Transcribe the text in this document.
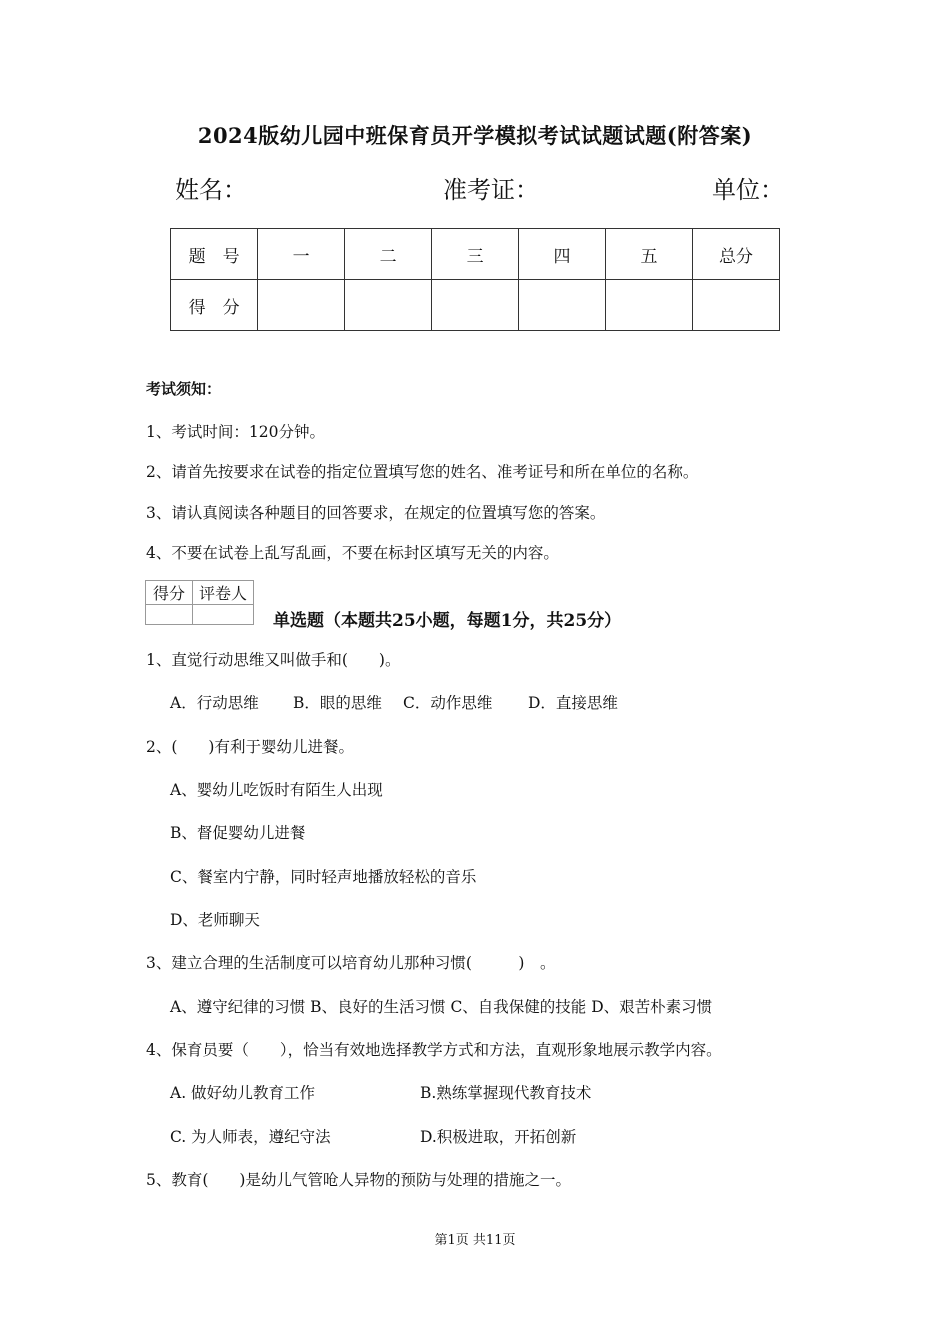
2024版幼儿园中班保育员开学模拟考试试题试题(附答案)
姓名：	准考证：	单位：
题　号	一	二	三	四	五	总分
得　分						
考试须知：
1、考试时间：120分钟。
2、请首先按要求在试卷的指定位置填写您的姓名、准考证号和所在单位的名称。
3、请认真阅读各种题目的回答要求，在规定的位置填写您的答案。
4、不要在试卷上乱写乱画，不要在标封区填写无关的内容。
得分	评卷人

单选题（本题共25小题，每题1分，共25分）
1、直觉行动思维又叫做手和(　　)。
A．行动思维 B．眼的思维 C．动作思维 D．直接思维
2、(　　)有利于婴幼儿进餐。
A、婴幼儿吃饭时有陌生人出现
B、督促婴幼儿进餐
C、餐室内宁静，同时轻声地播放轻松的音乐
D、老师聊天
3、建立合理的生活制度可以培育幼儿那种习惯(　　　)　。
A、遵守纪律的习惯 B、良好的生活习惯 C、自我保健的技能 D、艰苦朴素习惯
4、保育员要（　　），恰当有效地选择教学方式和方法，直观形象地展示教学内容。
A. 做好幼儿教育工作	B.熟练掌握现代教育技术
C. 为人师表，遵纪守法	D.积极进取，开拓创新
5、教育(　　)是幼儿气管呛人异物的预防与处理的措施之一。
第1页 共11页
